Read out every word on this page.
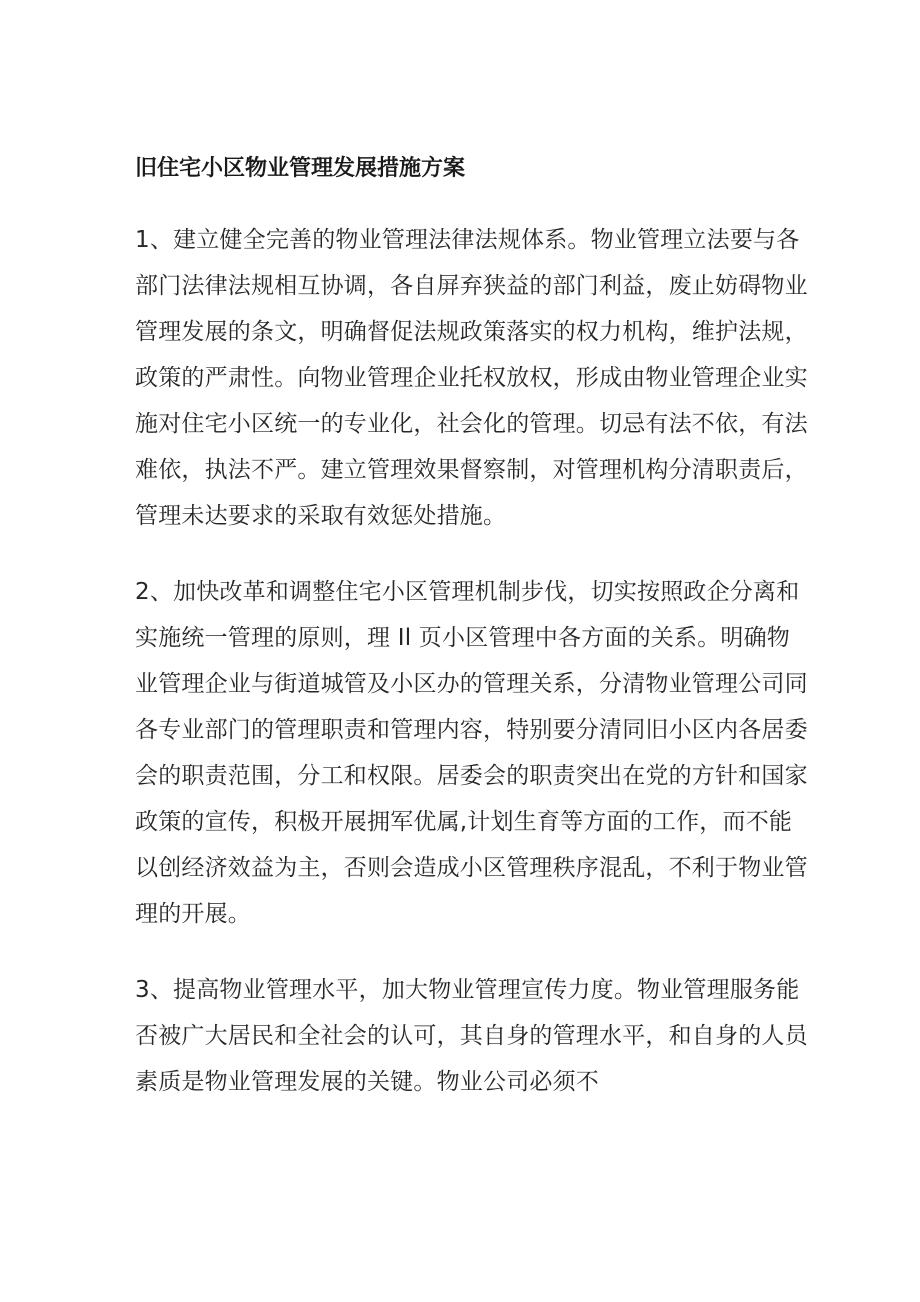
旧住宅小区物业管理发展措施方案
1、建立健全完善的物业管理法律法规体系。物业管理立法要与各
部门法律法规相互协调，各自屏弃狭益的部门利益，废止妨碍物业
管理发展的条文，明确督促法规政策落实的权力机构，维护法规，
政策的严肃性。向物业管理企业托权放权，形成由物业管理企业实
施对住宅小区统一的专业化，社会化的管理。切忌有法不依，有法
难依，执法不严。建立管理效果督察制，对管理机构分清职责后，
管理未达要求的采取有效惩处措施。
2、加快改革和调整住宅小区管理机制步伐，切实按照政企分离和
实施统一管理的原则，理 Il 页小区管理中各方面的关系。明确物
业管理企业与街道城管及小区办的管理关系，分清物业管理公司同
各专业部门的管理职责和管理内容，特别要分清同旧小区内各居委
会的职责范围，分工和权限。居委会的职责突出在党的方针和国家
政策的宣传，积极开展拥军优属,计划生育等方面的工作，而不能
以创经济效益为主，否则会造成小区管理秩序混乱，不利于物业管
理的开展。
3、提高物业管理水平，加大物业管理宣传力度。物业管理服务能
否被广大居民和全社会的认可，其自身的管理水平，和自身的人员
素质是物业管理发展的关键。物业公司必须不
